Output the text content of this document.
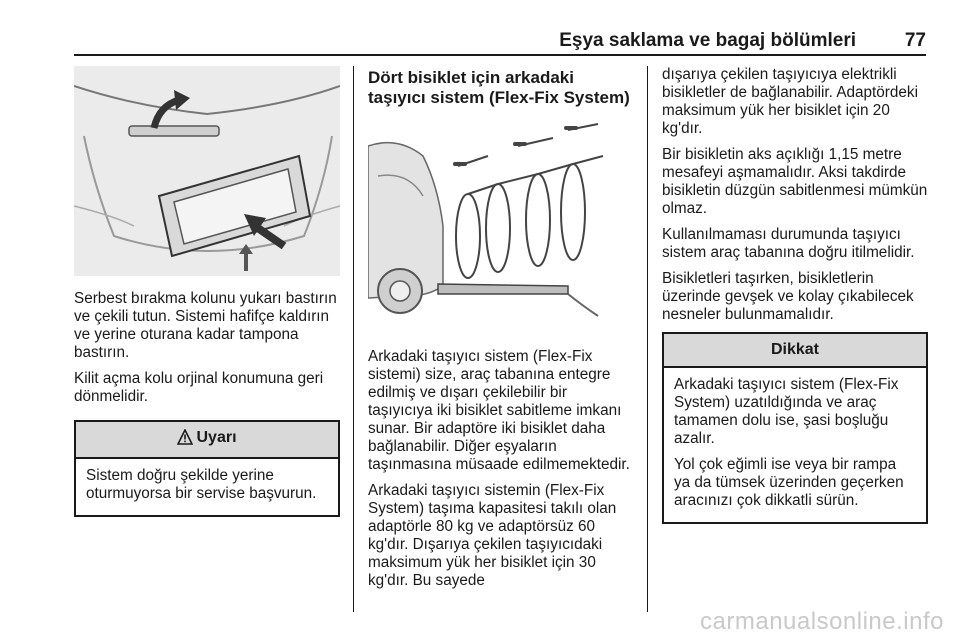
Eşya saklama ve bagaj bölümleri	77

Serbest bırakma kolunu yukarı bastırın ve çekili tutun. Sistemi hafifçe kaldırın ve yerine oturana kadar tampona bastırın.

Kilit açma kolu orjinal konumuna geri dönmelidir.

Uyarı

Sistem doğru şekilde yerine oturmuyorsa bir servise başvurun.

Dört bisiklet için arkadaki taşıyıcı sistem (Flex-Fix System)

Arkadaki taşıyıcı sistem (Flex-Fix sistemi) size, araç tabanına entegre edilmiş ve dışarı çekilebilir bir taşıyıcıya iki bisiklet sabitleme imkanı sunar. Bir adaptöre iki bisiklet daha bağlanabilir. Diğer eşyaların taşınmasına müsaade edilmemektedir.

Arkadaki taşıyıcı sistemin (Flex-Fix System) taşıma kapasitesi takılı olan adaptörle 80 kg ve adaptörsüz 60 kg'dır. Dışarıya çekilen taşıyıcıdaki maksimum yük her bisiklet için 30 kg'dır. Bu sayede

dışarıya çekilen taşıyıcıya elektrikli bisikletler de bağlanabilir. Adaptördeki maksimum yük her bisiklet için 20 kg'dır.

Bir bisikletin aks açıklığı 1,15 metre mesafeyi aşmamalıdır. Aksi takdirde bisikletin düzgün sabitlenmesi mümkün olmaz.

Kullanılmaması durumunda taşıyıcı sistem araç tabanına doğru itilmelidir.

Bisikletleri taşırken, bisikletlerin üzerinde gevşek ve kolay çıkabilecek nesneler bulunmamalıdır.

Dikkat

Arkadaki taşıyıcı sistem (Flex-Fix System) uzatıldığında ve araç tamamen dolu ise, şasi boşluğu azalır.

Yol çok eğimli ise veya bir rampa ya da tümsek üzerinden geçerken aracınızı çok dikkatli sürün.

carmanualsonline.info
